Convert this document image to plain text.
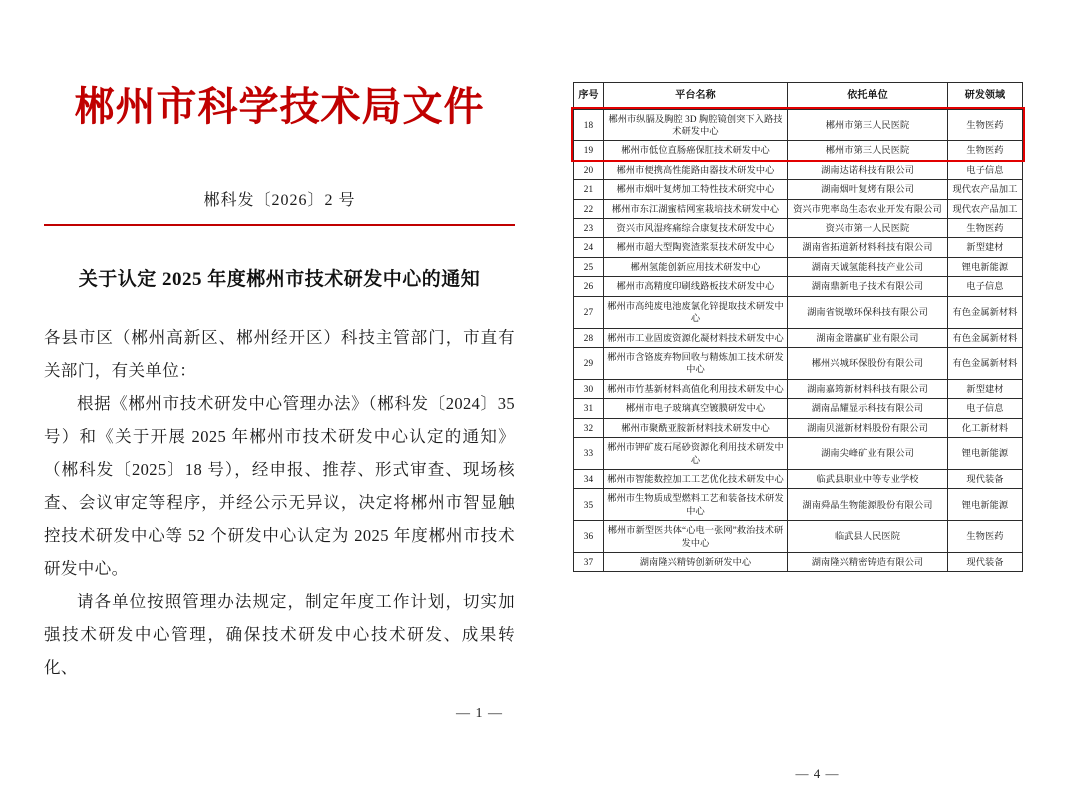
郴州市科学技术局文件
郴科发〔2026〕2 号
关于认定 2025 年度郴州市技术研发中心的通知

各县市区（郴州高新区、郴州经开区）科技主管部门，市直有关部门，有关单位：

根据《郴州市技术研发中心管理办法》（郴科发〔2024〕35 号）和《关于开展 2025 年郴州市技术研发中心认定的通知》（郴科发〔2025〕18 号），经申报、推荐、形式审查、现场核查、会议审定等程序，并经公示无异议，决定将郴州市智显触控技术研发中心等 52 个研发中心认定为 2025 年度郴州市技术研发中心。

请各单位按照管理办法规定，制定年度工作计划，切实加强技术研发中心管理，确保技术研发中心技术研发、成果转化、

— 1 —
序号	平台名称	依托单位	研发领域
18	郴州市纵膈及胸腔 3D 胸腔镜创突下入路技术研发中心	郴州市第三人民医院	生物医药
19	郴州市低位直肠癌保肛技术研发中心	郴州市第三人民医院	生物医药
20	郴州市便携高性能路由器技术研发中心	湖南达诺科技有限公司	电子信息
21	郴州市烟叶复烤加工特性技术研究中心	湖南烟叶复烤有限公司	现代农产品加工
22	郴州市东江湖蜜桔网室栽培技术研发中心	资兴市兜率岛生态农业开发有限公司	现代农产品加工
23	资兴市风湿疼痛综合康复技术研发中心	资兴市第一人民医院	生物医药
24	郴州市超大型陶瓷渣浆泵技术研发中心	湖南省拓道新材料科技有限公司	新型建材
25	郴州氢能创新应用技术研发中心	湖南天诚氢能科技产业公司	锂电新能源
26	郴州市高精度印刷线路板技术研发中心	湖南鼎新电子技术有限公司	电子信息
27	郴州市高纯废电池废氯化锌提取技术研发中心	湖南省锐墩环保科技有限公司	有色金属新材料
28	郴州市工业固废资源化凝材料技术研发中心	湖南金谐赢矿业有限公司	有色金属新材料
29	郴州市含铬废弃物回收与精炼加工技术研发中心	郴州兴城环保股份有限公司	有色金属新材料
30	郴州市竹基新材料高值化利用技术研发中心	湖南嘉筠新材料科技有限公司	新型建材
31	郴州市电子玻璃真空镀膜研发中心	湖南品耀显示科技有限公司	电子信息
32	郴州市聚酰亚胺新材料技术研发中心	湖南贝滋新材料股份有限公司	化工新材料
33	郴州市钾矿废石尾砂资源化利用技术研发中心	湖南尖峰矿业有限公司	锂电新能源
34	郴州市智能数控加工工艺优化技术研发中心	临武县职业中等专业学校	现代装备
35	郴州市生物质成型燃料工艺和装备技术研发中心	湖南舜晶生物能源股份有限公司	锂电新能源
36	郴州市新型医共体“心电一张网”救治技术研发中心	临武县人民医院	生物医药
37	湖南隆兴精铸创新研发中心	湖南隆兴精密铸造有限公司	现代装备
— 4 —
